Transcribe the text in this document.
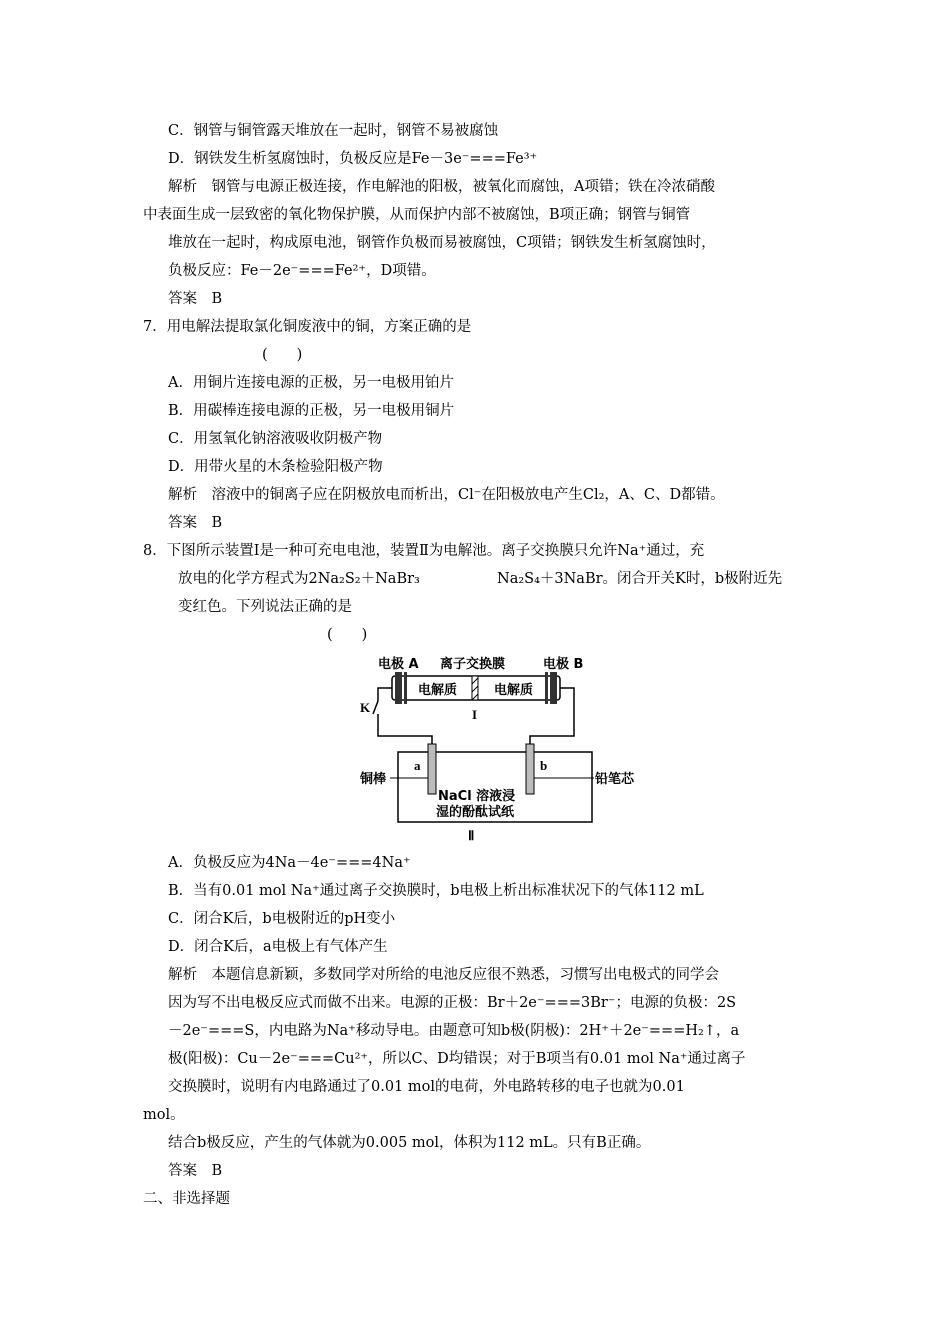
C．钢管与铜管露天堆放在一起时，钢管不易被腐蚀
D．钢铁发生析氢腐蚀时，负极反应是Fe－3e⁻===Fe³⁺
解析　钢管与电源正极连接，作电解池的阳极，被氧化而腐蚀，A项错；铁在冷浓硝酸
中表面生成一层致密的氧化物保护膜，从而保护内部不被腐蚀，B项正确；钢管与铜管
堆放在一起时，构成原电池，钢管作负极而易被腐蚀，C项错；钢铁发生析氢腐蚀时，
负极反应：Fe－2e⁻===Fe²⁺，D项错。
答案　B
7．用电解法提取氯化铜废液中的铜，方案正确的是
(　　)
A．用铜片连接电源的正极，另一电极用铂片
B．用碳棒连接电源的正极，另一电极用铜片
C．用氢氧化钠溶液吸收阴极产物
D．用带火星的木条检验阳极产物
解析　溶液中的铜离子应在阴极放电而析出，Cl⁻在阳极放电产生Cl₂，A、C、D都错。
答案　B
8．下图所示装置Ⅰ是一种可充电电池，装置Ⅱ为电解池。离子交换膜只允许Na⁺通过，充
放电的化学方程式为2Na₂S₂＋NaBr₃	Na₂S₄＋3NaBr。闭合开关K时，b极附近先
变红色。下列说法正确的是
(　　)
电极 A 离子交换膜	电极 B
电解质	电解质
I
K
a	b
铜棒	铅笔芯
NaCl 溶液浸
湿的酚酞试纸
Ⅱ
A．负极反应为4Na－4e⁻===4Na⁺
B．当有0.01 mol Na⁺通过离子交换膜时，b电极上析出标准状况下的气体112 mL
C．闭合K后，b电极附近的pH变小
D．闭合K后，a电极上有气体产生
解析　本题信息新颖，多数同学对所给的电池反应很不熟悉，习惯写出电极式的同学会
因为写不出电极反应式而做不出来。电源的正极：Br＋2e⁻===3Br⁻；电源的负极：2S
－2e⁻===S，内电路为Na⁺移动导电。由题意可知b极(阴极)：2H⁺＋2e⁻===H₂↑，a
极(阳极)：Cu－2e⁻===Cu²⁺，所以C、D均错误；对于B项当有0.01 mol Na⁺通过离子
交换膜时，说明有内电路通过了0.01 mol的电荷，外电路转移的电子也就为0.01
mol。
结合b极反应，产生的气体就为0.005 mol，体积为112 mL。只有B正确。
答案　B
二、非选择题
